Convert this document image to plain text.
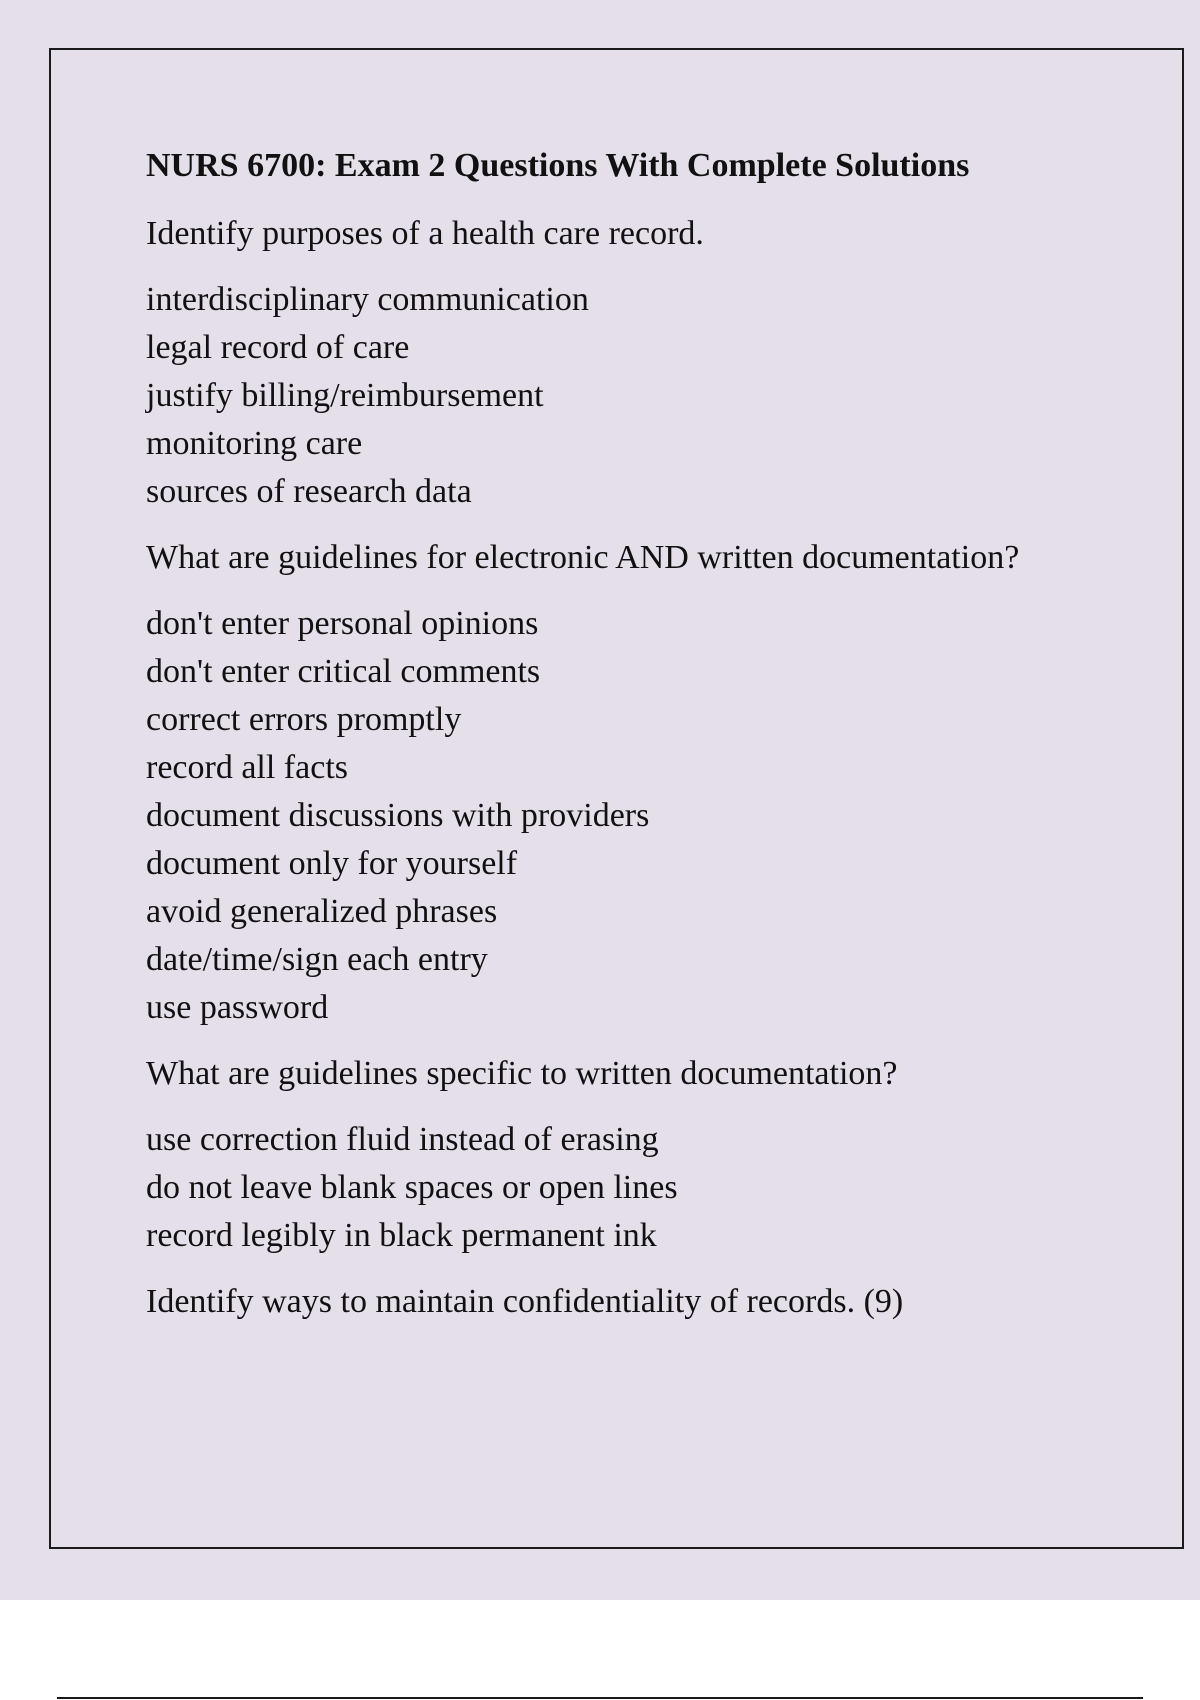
NURS 6700: Exam 2 Questions With Complete Solutions
Identify purposes of a health care record.
interdisciplinary communication
legal record of care
justify billing/reimbursement
monitoring care
sources of research data
What are guidelines for electronic AND written documentation?
don't enter personal opinions
don't enter critical comments
correct errors promptly
record all facts
document discussions with providers
document only for yourself
avoid generalized phrases
date/time/sign each entry
use password
What are guidelines specific to written documentation?
use correction fluid instead of erasing
do not leave blank spaces or open lines
record legibly in black permanent ink
Identify ways to maintain confidentiality of records. (9)
